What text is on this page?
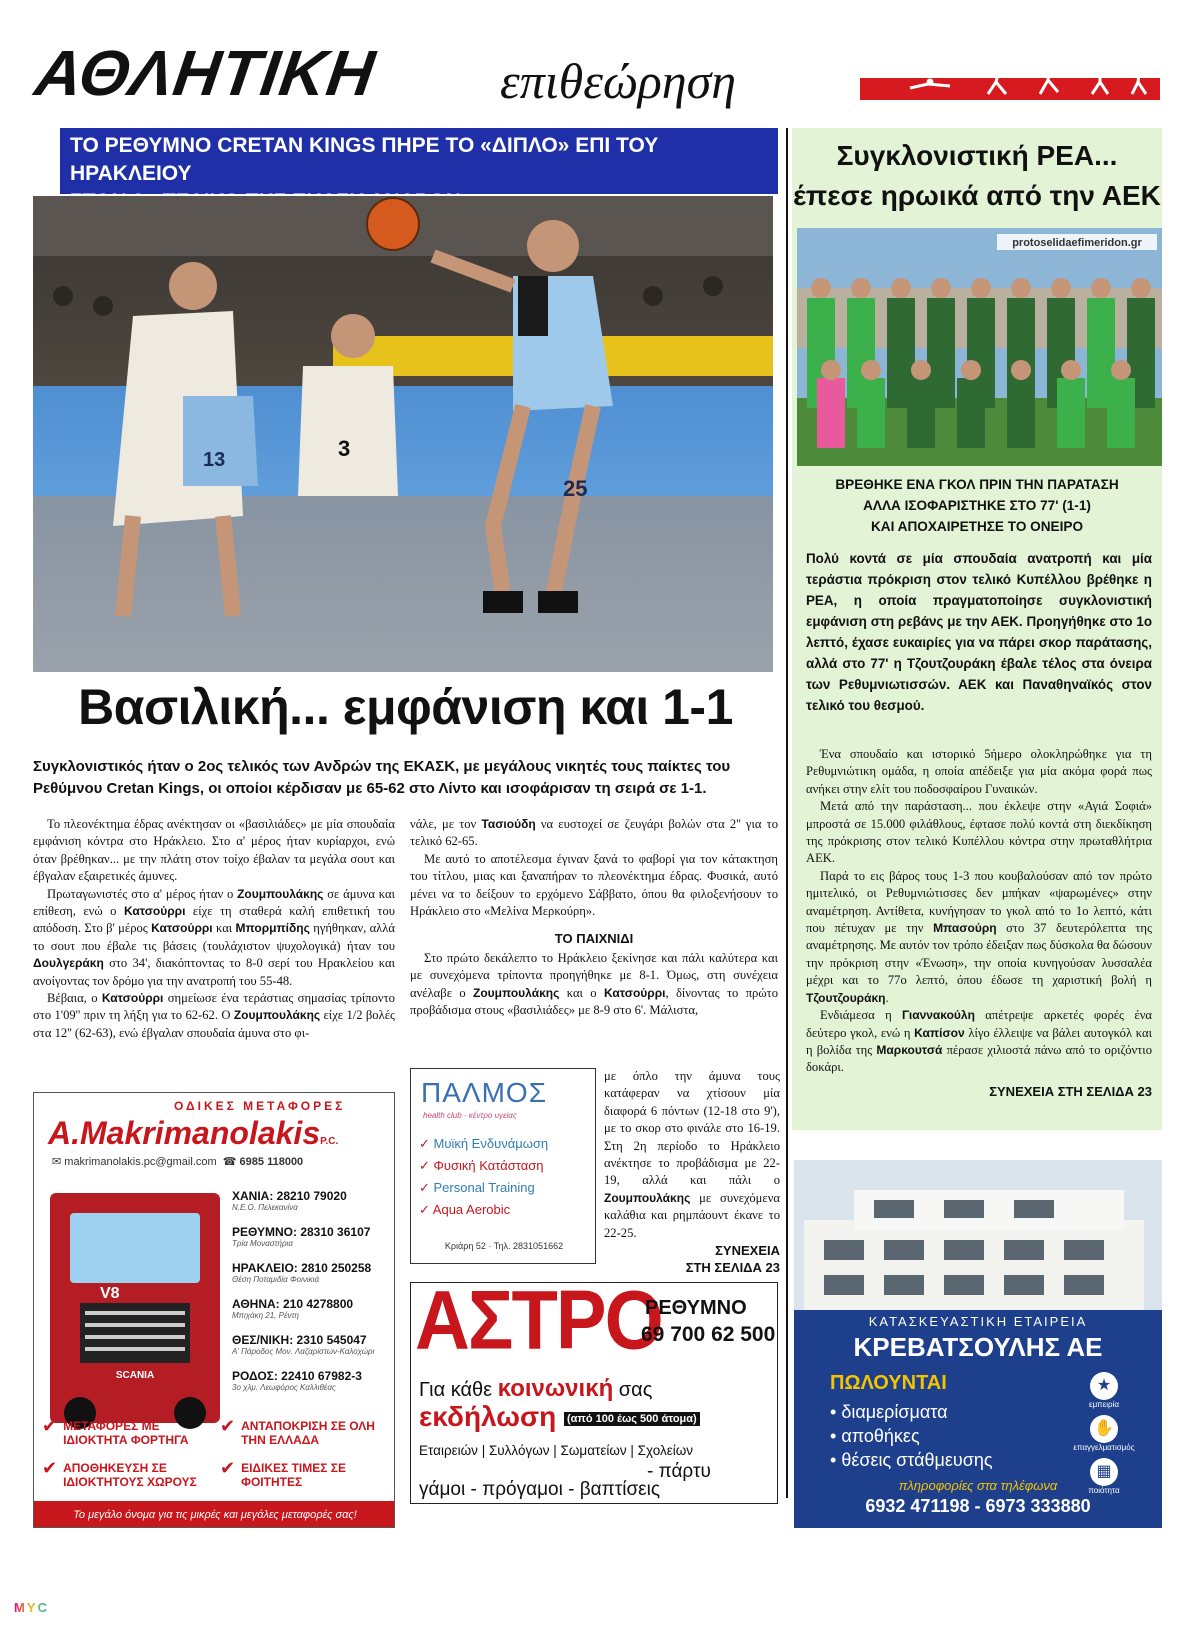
ΑΘΛΗΤΙΚΗ επιθεώρηση
ΤΟ ΡΕΘΥΜΝΟ CRETAN KINGS ΠΗΡΕ ΤΟ «ΔΙΠΛΟ» ΕΠΙ ΤΟΥ ΗΡΑΚΛΕΙΟΥ
25
3
13
Βασιλική... εμφάνιση και 1-1
Συγκλονιστικός ήταν ο 2ος τελικός των Ανδρών της ΕΚΑΣΚ, με μεγάλους νικητές τους παίκτες του Ρεθύμνου Cretan Kings, οι οποίοι κέρδισαν με 65-62 στο Λίντο και ισοφάρισαν τη σειρά σε 1-1.

Το πλεονέκτημα έδρας ανέκτησαν οι «βασιλιάδες» με μία σπουδαία εμφάνιση κόντρα στο Ηράκλειο. Στο α' μέρος ήταν κυρίαρχοι, ενώ όταν βρέθηκαν... με την πλάτη στον τοίχο έβαλαν τα μεγάλα σουτ και έβγαλαν εξαιρετικές άμυνες.

Πρωταγωνιστές στο α' μέρος ήταν ο Ζουμπουλάκης σε άμυνα και επίθεση, ενώ ο Κατσούρρι είχε τη σταθερά καλή επιθετική του απόδοση. Στο β' μέρος Κατσούρρι και Μπορμπίδης ηγήθηκαν, αλλά το σουτ που έβαλε τις βάσεις (τουλάχιστον ψυχολογικά) ήταν του Δουλγεράκη στο 34', διακόπτοντας το 8-0 σερί του Ηρακλείου και ανοίγοντας τον δρόμο για την ανατροπή του 55-48.

Βέβαια, ο Κατσούρρι σημείωσε ένα τεράστιας σημασίας τρίποντο στο 1'09'' πριν τη λήξη για το 62-62. Ο Ζουμπουλάκης είχε 1/2 βολές στα 12'' (62-63), ενώ έβγαλαν σπουδαία άμυνα στο φι-

νάλε, με τον Τασιούδη να ευστοχεί σε ζευγάρι βολών στα 2'' για το τελικό 62-65.

Με αυτό το αποτέλεσμα έγιναν ξανά το φαβορί για τον κάτακτηση του τίτλου, μιας και ξαναπήραν το πλεονέκτημα έδρας. Φυσικά, αυτό μένει να το δείξουν το ερχόμενο Σάββατο, όπου θα φιλοξενήσουν το Ηράκλειο στο «Μελίνα Μερκούρη».

ΤΟ ΠΑΙΧΝΙΔΙ

Στο πρώτο δεκάλεπτο το Ηράκλειο ξεκίνησε και πάλι καλύτερα και με συνεχόμενα τρίποντα προηγήθηκε με 8-1. Όμως, στη συνέχεια ανέλαβε ο Ζουμπουλάκης και ο Κατσούρρι, δίνοντας το πρώτο προβάδισμα στους «βασιλιάδες» με 8-9 στο 6'. Μάλιστα,

με όπλο την άμυνα τους κατάφεραν να χτίσουν μία διαφορά 6 πόντων (12-18 στο 9'), με το σκορ στο φινάλε στο 16-19. Στη 2η περίοδο το Ηράκλειο ανέκτησε το προβάδισμα με 22-19, αλλά και πάλι ο Ζουμπουλάκης με συνεχόμενα καλάθια και ρημπάουντ έκανε το 22-25.

ΣΥΝΕΧΕΙΑ
ΣΤΗ ΣΕΛΙΔΑ 23
Συγκλονιστική ΡΕΑ...
έπεσε ηρωικά από την ΑΕΚ
protoselidaefimeridon.gr
ΒΡΕΘΗΚΕ ΕΝΑ ΓΚΟΛ ΠΡΙΝ ΤΗΝ ΠΑΡΑΤΑΣΗ
ΑΛΛΑ ΙΣΟΦΑΡΙΣΤΗΚΕ ΣΤΟ 77' (1-1)
ΚΑΙ ΑΠΟΧΑΙΡΕΤΗΣΕ ΤΟ ΟΝΕΙΡΟ
Πολύ κοντά σε μία σπουδαία ανατροπή και μία τεράστια πρόκριση στον τελικό Κυπέλλου βρέθηκε η ΡΕΑ, η οποία πραγματοποίησε συγκλονιστική εμφάνιση στη ρεβάνς με την ΑΕΚ. Προηγήθηκε στο 1ο λεπτό, έχασε ευκαιρίες για να πάρει σκορ παράτασης, αλλά στο 77' η Τζουτζουράκη έβαλε τέλος στα όνειρα των Ρεθυμνιωτισσών. ΑΕΚ και Παναθηναϊκός στον τελικό του θεσμού.

Ένα σπουδαίο και ιστορικό 5ήμερο ολοκληρώθηκε για τη Ρεθυμνιώτικη ομάδα, η οποία απέδειξε για μία ακόμα φορά πως ανήκει στην ελίτ του ποδοσφαίρου Γυναικών.

Μετά από την παράσταση... που έκλεψε στην «Αγιά Σοφιά» μπροστά σε 15.000 φιλάθλους, έφτασε πολύ κοντά στη διεκδίκηση της πρόκρισης στον τελικό Κυπέλλου κόντρα στην πρωταθλήτρια ΑΕΚ.

Παρά το εις βάρος τους 1-3 που κουβαλούσαν από τον πρώτο ημιτελικό, οι Ρεθυμνιώτισσες δεν μπήκαν «ψαρωμένες» στην αναμέτρηση. Αντίθετα, κυνήγησαν το γκολ από το 1ο λεπτό, κάτι που πέτυχαν με την Μπασούρη στο 37 δευτερόλεπτα της αναμέτρησης. Με αυτόν τον τρόπο έδειξαν πως δύσκολα θα δώσουν την πρόκριση στην «Ένωση», την οποία κυνηγούσαν λυσσαλέα μέχρι και το 77ο λεπτό, όπου έδωσε τη χαριστική βολή η Τζουτζουράκη.

Ενδιάμεσα η Γιαννακούλη απέτρεψε αρκετές φορές ένα δεύτερο γκολ, ενώ η Καπίσον λίγο έλλειψε να βάλει αυτογκόλ και η βολίδα της Μαρκουτσά πέρασε χιλιοστά πάνω από το οριζόντιο δοκάρι.

ΣΥΝΕΧΕΙΑ ΣΤΗ ΣΕΛΙΔΑ 23
ΟΔΙΚΕΣ ΜΕΤΑΦΟΡΕΣ
A.MakrimanolakisP.C.
✉ makrimanolakis.pc@gmail.com ☎ 6985 118000
V8
SCANIA
ΧΑΝΙΑ: 28210 79020
Ν.Ε.Ο. Πελεκανίνα
ΡΕΘΥΜΝΟ: 28310 36107
Τρία Μοναστήρια
ΗΡΑΚΛΕΙΟ: 2810 250258
Θέση Ποταμιδία Φοινικιά
ΑΘΗΝΑ: 210 4278800
Μπιχάκη 21, Ρέντη
ΘΕΣ/ΝΙΚΗ: 2310 545047
Α' Πάροδος Μον. Λαζαρίστων-Καλοχώρι
ΡΟΔΟΣ: 22410 67982-3
3ο χλμ. Λεωφόρος Καλλιθέας
✔ ΜΕΤΑΦΟΡΕΣ ΜΕ ΙΔΙΟΚΤΗΤΑ ΦΟΡΤΗΓΑ
✔ ΑΝΤΑΠΟΚΡΙΣΗ ΣΕ ΟΛΗ ΤΗΝ ΕΛΛΑΔΑ
✔ ΑΠΟΘΗΚΕΥΣΗ ΣΕ ΙΔΙΟΚΤΗΤΟΥΣ ΧΩΡΟΥΣ
✔ ΕΙΔΙΚΕΣ ΤΙΜΕΣ ΣΕ ΦΟΙΤΗΤΕΣ
Το μεγάλο όνομα για τις μικρές και μεγάλες μεταφορές σας!
ΠΑΛΜΟΣ
health club · κέντρο υγείας
✓ Μυϊκή Ενδυνάμωση
✓ Φυσική Κατάσταση
✓ Personal Training
✓ Aqua Aerobic
Κριάρη 52 · Τηλ. 2831051662
ΑΣΤΡΟ
ΡΕΘΥΜΝΟ
69 700 62 500
Για κάθε κοινωνική σας
εκδήλωση (από 100 έως 500 άτομα)
Εταιρειών | Συλλόγων | Σωματείων | Σχολείων
- πάρτυ
γάμοι - πρόγαμοι - βαπτίσεις
ΚΑΤΑΣΚΕΥΑΣΤΙΚΗ ΕΤΑΙΡΕΙΑ
ΚΡΕΒΑΤΣΟΥΛΗΣ ΑΕ
ΠΩΛΟΥΝΤΑΙ
• διαμερίσματα
• αποθήκες
• θέσεις στάθμευσης
★
εμπειρία
✋
επαγγελματισμός
▦
ποιότητα
πληροφορίες στα τηλέφωνα
6932 471198 - 6973 333880
MYC
